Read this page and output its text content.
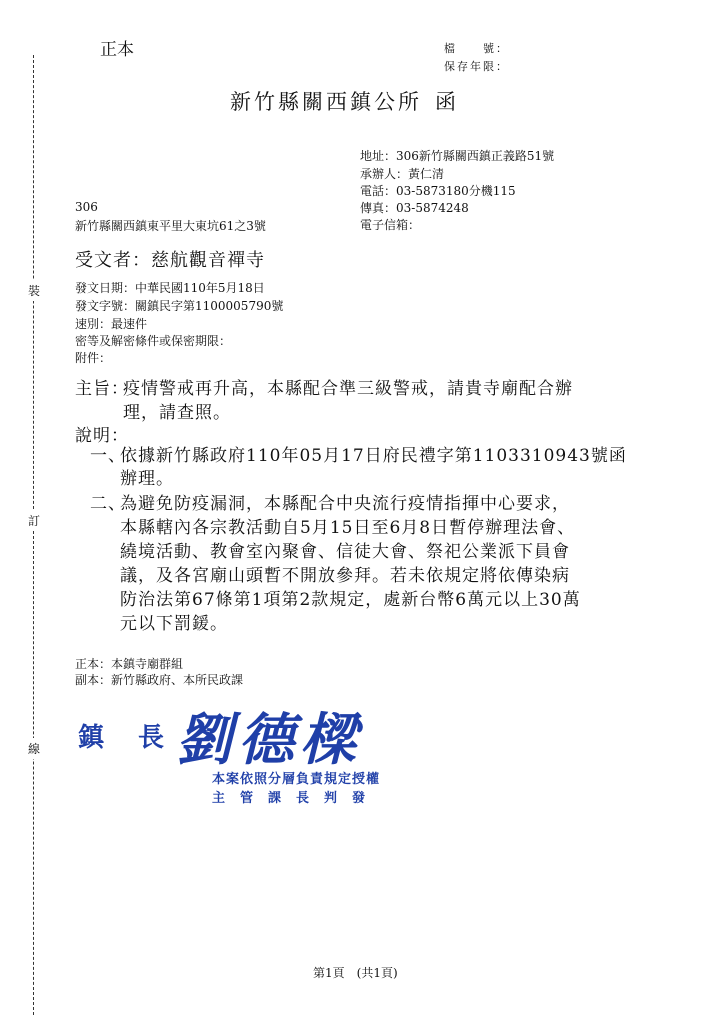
裝
訂
線
正本	檔　　號：
保存年限：
新竹縣關西鎮公所 函
地址：306新竹縣關西鎮正義路51號
承辦人：黃仁清
電話：03-5873180分機115
傳真：03-5874248
電子信箱：
306
新竹縣關西鎮東平里大東坑61之3號
受文者：慈航觀音禪寺
發文日期：中華民國110年5月18日
發文字號：關鎮民字第1100005790號
速別：最速件
密等及解密條件或保密期限：
附件：
主旨：
疫情警戒再升高，本縣配合準三級警戒，請貴寺廟配合辦
理，請查照。
說明：
一、
依據新竹縣政府110年05月17日府民禮字第1103310943號函
辦理。
二、
為避免防疫漏洞，本縣配合中央流行疫情指揮中心要求，
本縣轄內各宗教活動自5月15日至6月8日暫停辦理法會、
繞境活動、教會室內聚會、信徒大會、祭祀公業派下員會
議，及各宮廟山頭暫不開放參拜。若未依規定將依傳染病
防治法第67條第1項第2款規定，處新台幣6萬元以上30萬
元以下罰鍰。
正本：本鎮寺廟群組
副本：新竹縣政府、本所民政課
鎮　長 劉德樑
本案依照分層負責規定授權
主　管　課　長　判　發
第1頁　(共1頁)
